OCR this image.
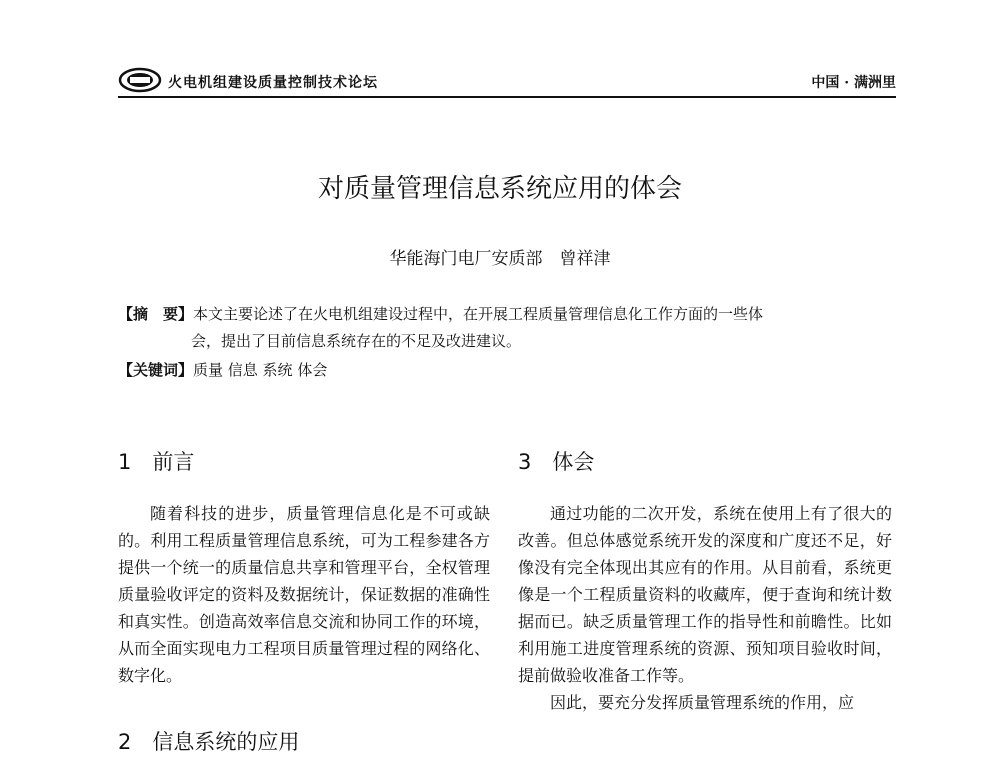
火电机组建设质量控制技术论坛	中国 · 满洲里
对质量管理信息系统应用的体会
华能海门电厂安质部　曾祥津
【摘　要】本文主要论述了在火电机组建设过程中，在开展工程质量管理信息化工作方面的一些体
会，提出了目前信息系统存在的不足及改进建议。
【关键词】质量 信息 系统 体会
1　前言

随着科技的进步，质量管理信息化是不可或缺的。利用工程质量管理信息系统，可为工程参建各方提供一个统一的质量信息共享和管理平台，全权管理质量验收评定的资料及数据统计，保证数据的准确性和真实性。创造高效率信息交流和协同工作的环境，从而全面实现电力工程项目质量管理过程的网络化、数字化。

2　信息系统的应用
3　体会

通过功能的二次开发，系统在使用上有了很大的改善。但总体感觉系统开发的深度和广度还不足，好像没有完全体现出其应有的作用。从目前看，系统更像是一个工程质量资料的收藏库，便于查询和统计数据而已。缺乏质量管理工作的指导性和前瞻性。比如利用施工进度管理系统的资源、预知项目验收时间，提前做验收准备工作等。

因此，要充分发挥质量管理系统的作用，应
